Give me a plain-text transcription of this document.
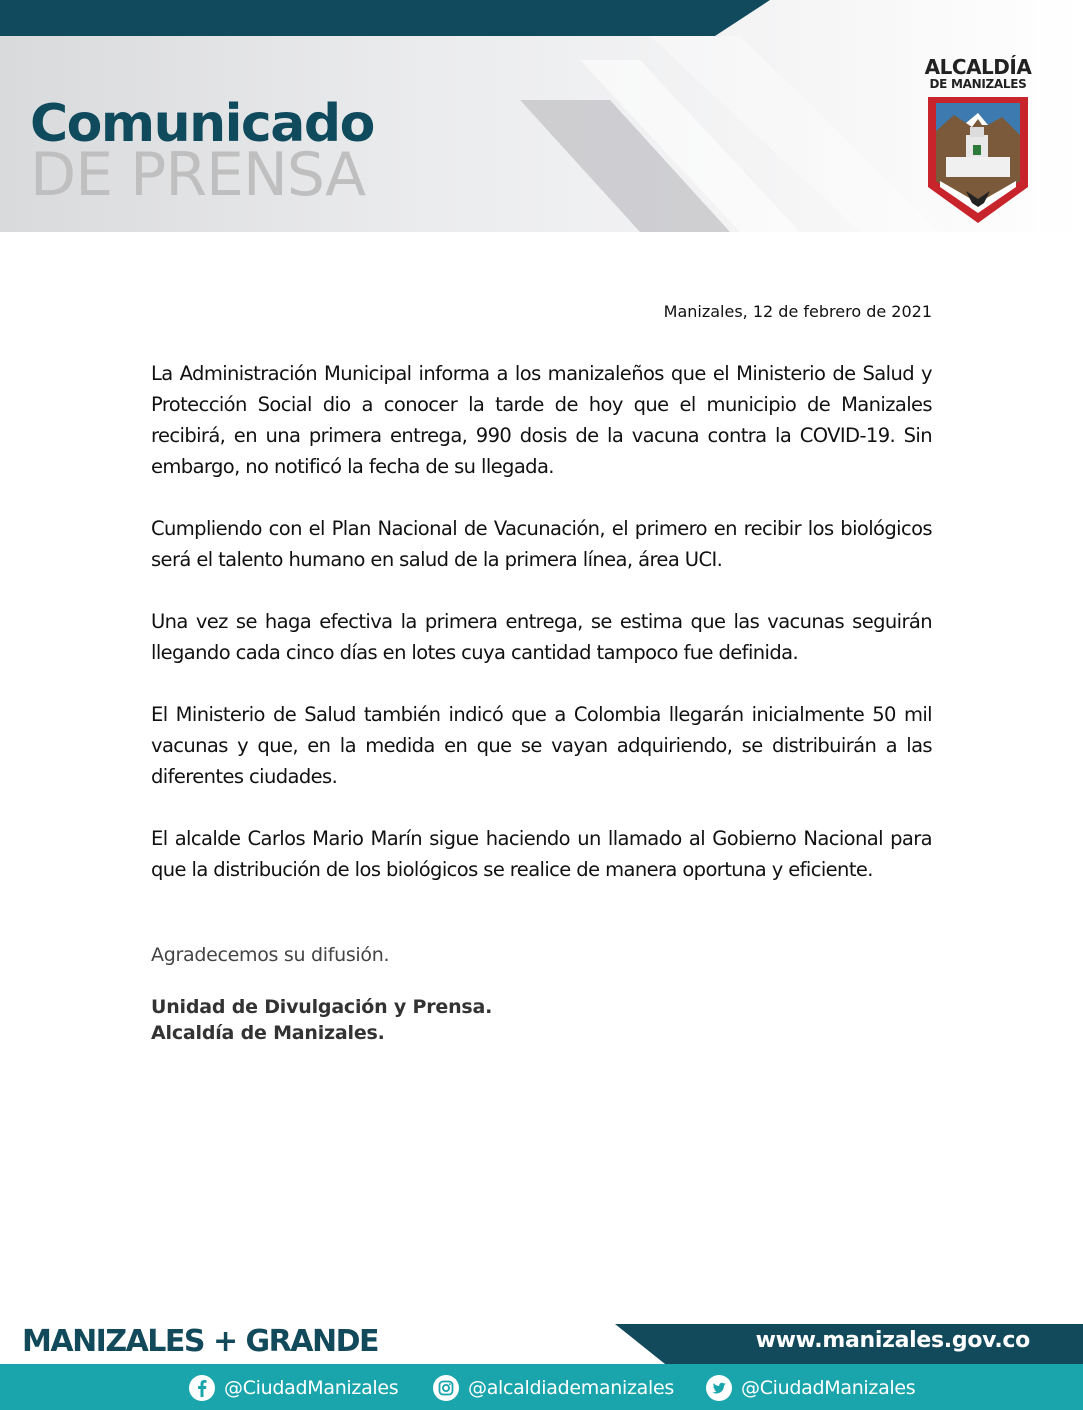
Comunicado
DE PRENSA
ALCALDÍA
DE MANIZALES
Manizales, 12 de febrero de 2021

La Administración Municipal informa a los manizaleños que el Ministerio de Salud y Protección Social dio a conocer la tarde de hoy que el municipio de Manizales recibirá, en una primera entrega, 990 dosis de la vacuna contra la COVID-19. Sin embargo, no notificó la fecha de su llegada.

Cumpliendo con el Plan Nacional de Vacunación, el primero en recibir los biológicos será el talento humano en salud de la primera línea, área UCI.

Una vez se haga efectiva la primera entrega, se estima que las vacunas seguirán llegando cada cinco días en lotes cuya cantidad tampoco fue definida.

El Ministerio de Salud también indicó que a Colombia llegarán inicialmente 50 mil vacunas y que, en la medida en que se vayan adquiriendo, se distribuirán a las diferentes ciudades.

El alcalde Carlos Mario Marín sigue haciendo un llamado al Gobierno Nacional para que la distribución de los biológicos se realice de manera oportuna y eficiente.

Agradecemos su difusión.
Unidad de Divulgación y Prensa.
Alcaldía de Manizales.
MANIZALES + GRANDE	www.manizales.gov.co
@CiudadManizales	@alcaldiademanizales	@CiudadManizales
